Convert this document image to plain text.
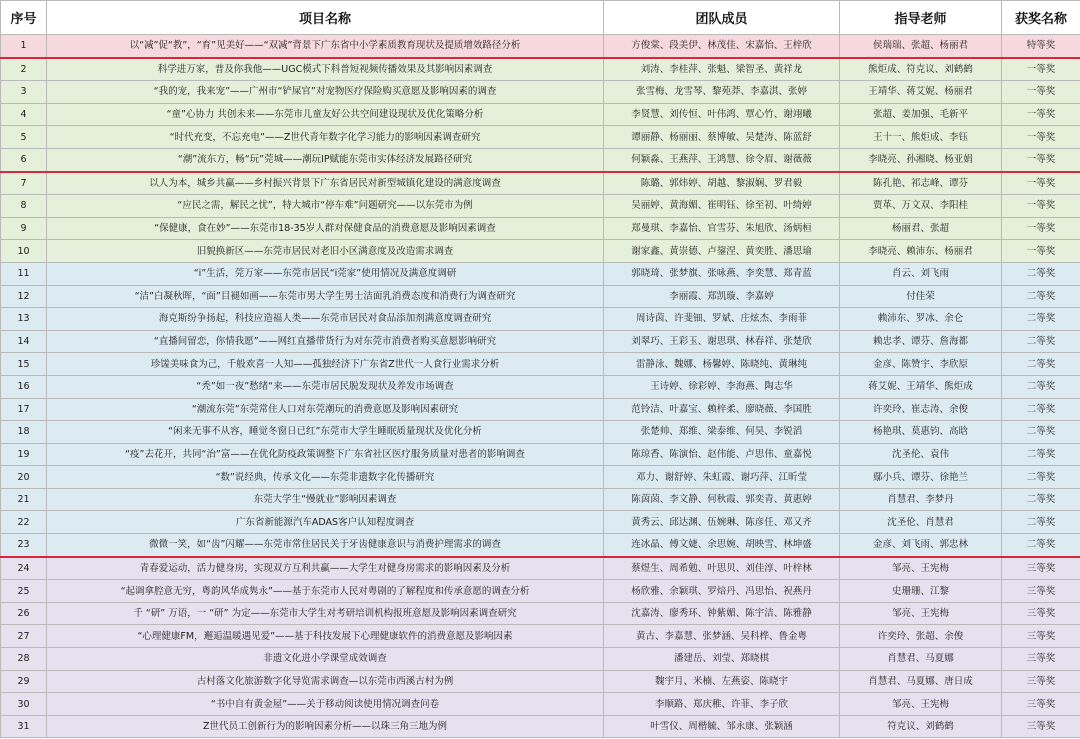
序号	项目名称	团队成员	指导老师	获奖名称
1	以“减”促“教”，“育”见美好——“双减”背景下广东省中小学素质教育现状及提质增效路径分析	方俊棠、段美伊、林茂佳、宋嘉怡、王梓欣	侯瑞瑞、张超、杨丽君	特等奖
2	科学进万家，普及你我他——UGC模式下科普短视频传播效果及其影响因素调查	刘涛、李桂萍、张魁、梁智圣、黄祥龙	熊炬成、符克议、刘鹤鹤	一等奖
3	“我的宠，我来宠”——广州市“铲屎官”对宠物医疗保险购买意愿及影响因素的调查	张雪梅、龙雪琴、黎苑莽、李嘉淇、张婷	王靖华、蒋艾妮、杨丽君	一等奖
4	“童”心协力 共创未来——东莞市儿童友好公共空间建设现状及优化策略分析	李贤慧、刘传恒、叶伟鸿、覃心竹、谢翊曦	张超、姜加强、毛新平	一等奖
5	“时代充变，不忘充电”——Z世代青年数字化学习能力的影响因素调查研究	谭丽静、杨丽丽、蔡博敏、吴楚涛、陈蓝舒	王十一、熊炬成、李钰	一等奖
6	“潮”流东方，畅“玩”莞城——潮玩IP赋能东莞市实体经济发展路径研究	何颖淼、王燕萍、王鸿慧、徐令眉、谢薇薇	李晓亮、孙湘晓、杨亚娟	一等奖
7	以人为本，城乡共赢——乡村振兴背景下广东省居民对新型城镇化建设的满意度调查	陈璐、郭炜婷、胡越、黎淑娴、罗君毅	陈孔艳、祁志峰、谭芬	一等奖
8	“应民之需，解民之忧”，特大城市“停车难”问题研究——以东莞市为例	吴丽婷、黄海媚、崔明钰、徐至初、叶绮婷	贾革、万文双、李阳桂	一等奖
9	“保健康，食在妙”——东莞市18-35岁人群对保健食品的消费意愿及影响因素调查	郑曼琪、李嘉怡、官雪芬、朱旭欣、汤炳桓	杨丽君、张超	一等奖
10	旧貌换新区——东莞市居民对老旧小区满意度及改造需求调查	谢家鑫、黄崇德、卢鋆涅、黄奕胜、潘思瑜	李晓亮、赖沛东、杨丽君	一等奖
11	“i”生活，莞万家——东莞市居民“i莞家”使用情况及满意度调研	郭晓琦、张梦旗、张咏燕、李奕慧、郑青蓝	肖云、刘飞雨	二等奖
12	“洁”白凝秋晖，“面”目褪如画——东莞市男大学生男士洁面乳消费态度和消费行为调查研究	李丽霞、郑凯璇、李嘉婷	付佳荣	二等奖
13	海克斯纷争扬起，科技应造福人类——东莞市居民对食品添加剂满意度调查研究	周诗茵、许斐钿、罗斌、庄炫杰、李雨菲	赖沛东、罗冰、余仑	二等奖
14	“直播间留恋，你情我愿”——网红直播带货行为对东莞市消费者购买意愿影响研究	刘翠巧、王彩玉、谢思琪、林春祥、张楚欣	赖忠孝、谭芬、詹海都	二等奖
15	珍馐美味食为己，千般欢喜一人知——孤独经济下广东省Z世代一人食行业需求分析	雷静泳、魏娜、杨馨婷、陈晓纯、黄琳纯	金彦、陈赞宇、李欣原	二等奖
16	“秃”如一夜”愁绪“来——东莞市居民脱发现状及养发市场调查	王诗婷、徐彩婷、李海燕、陶志华	蒋艾妮、王靖华、熊炬成	二等奖
17	“潮流东莞”东莞常住人口对东莞潮玩的消费意愿及影响因素研究	范铃洁、叶嘉宝、赖梓柔、廖晓薇、李国胜	许奕玲、崔志涛、余俊	二等奖
18	“闲来无事不从容，睡觉冬窗日已红”东莞市大学生睡眠质量现状及优化分析	张楚帅、郑维、梁泰维、何昊、李锐滔	杨艳琪、莫惠钧、高晗	二等奖
19	“疫”去花开，共同“治”富——在优化防疫政策调整下广东省社区医疗服务质量对患者的影响调查	陈琼香、陈演怡、赵伟能、卢思伟、童嘉悦	沈圣伦、袁伟	二等奖
20	“数”说经典，传承文化——东莞非遗数字化传播研究	邓力、谢舒婷、朱虹霞、谢巧萍、江昕莹	鄢小兵、谭芬、徐艳兰	二等奖
21	东莞大学生“慢就业”影响因素调查	陈茵茵、李文静、何秋霞、郭奕青、黄惠婷	肖慧君、李梦丹	二等奖
22	广东省新能源汽车ADAS客户认知程度调查	黄秀云、邱达渊、伍婉琳、陈彦任、邓又齐	沈圣伦、肖慧君	二等奖
23	微微一笑，如“齿”闪耀——东莞市常住居民关于牙齿健康意识与消费护理需求的调查	连冰晶、傅文婕、余思婉、胡映雪、林坤盛	金彦、刘飞雨、郭忠林	二等奖
24	青春爱运动，活力健身房，实现双方互利共赢——大学生对健身房需求的影响因素及分析	蔡煜生、周希勉、叶思贝、刘佳淳、叶梓林	邹亮、王宪梅	三等奖
25	“起调拿腔意无穷，粤韵风华成隽永”——基于东莞市人民对粤剧的了解程度和传承意愿的调查分析	杨欣雅、余颖琪、罗焙丹、冯思怡、祝燕丹	史珊珊、江黎	三等奖
26	千 “研” 万语，一 “研” 为定——东莞市大学生对考研培训机构报班意愿及影响因素调查研究	沈嘉涛、廖秀环、钟紫媚、陈宇洁、陈雅静	邹亮、王宪梅	三等奖
27	“心理健康FM，邂逅温暖遇见爱”——基于科技发展下心理健康软件的消费意愿及影响因素	黄古、李嘉慧、张梦涵、吴科桦、鲁金粤	许奕玲、张超、余俊	三等奖
28	非遗文化进小学课堂成效调查	潘建岳、刘莹、郑晓棋	肖慧君、马夏娜	三等奖
29	古村落文化旅游数字化导览需求调查—以东莞市西溪古村为例	魏宇月、米楠、左燕姿、陈晓宇	肖慧君、马夏娜、唐日成	三等奖
30	“书中自有黄金屋”——关于移动阅读使用情况调查问卷	李顺路、郑庆稚、许菲、李子欣	邹亮、王宪梅	三等奖
31	Z世代员工创新行为的影响因素分析——以珠三角三地为例	叶雪仪、周楷毓、邹永康、张颖涵	符克议、刘鹤鹤	三等奖
